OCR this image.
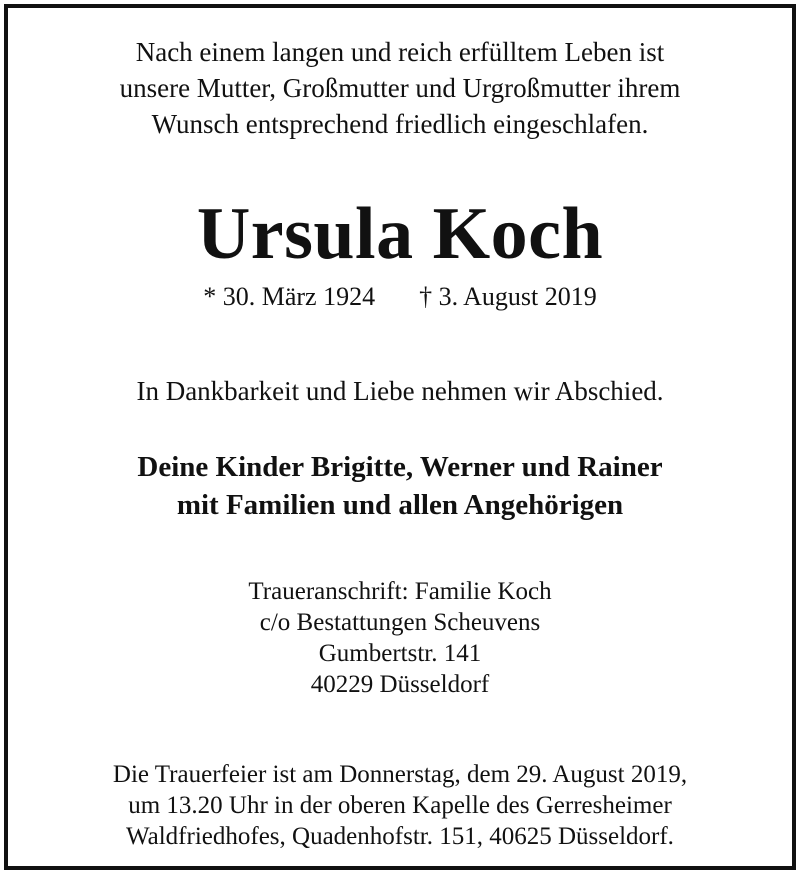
Nach einem langen und reich erfülltem Leben ist
unsere Mutter, Großmutter und Urgroßmutter ihrem
Wunsch entsprechend friedlich eingeschlafen.
Ursula Koch
* 30. März 1924 † 3. August 2019
In Dankbarkeit und Liebe nehmen wir Abschied.
Deine Kinder Brigitte, Werner und Rainer
mit Familien und allen Angehörigen
Traueranschrift: Familie Koch
c/o Bestattungen Scheuvens
Gumbertstr. 141
40229 Düsseldorf
Die Trauerfeier ist am Donnerstag, dem 29. August 2019,
um 13.20 Uhr in der oberen Kapelle des Gerresheimer
Waldfriedhofes, Quadenhofstr. 151, 40625 Düsseldorf.
